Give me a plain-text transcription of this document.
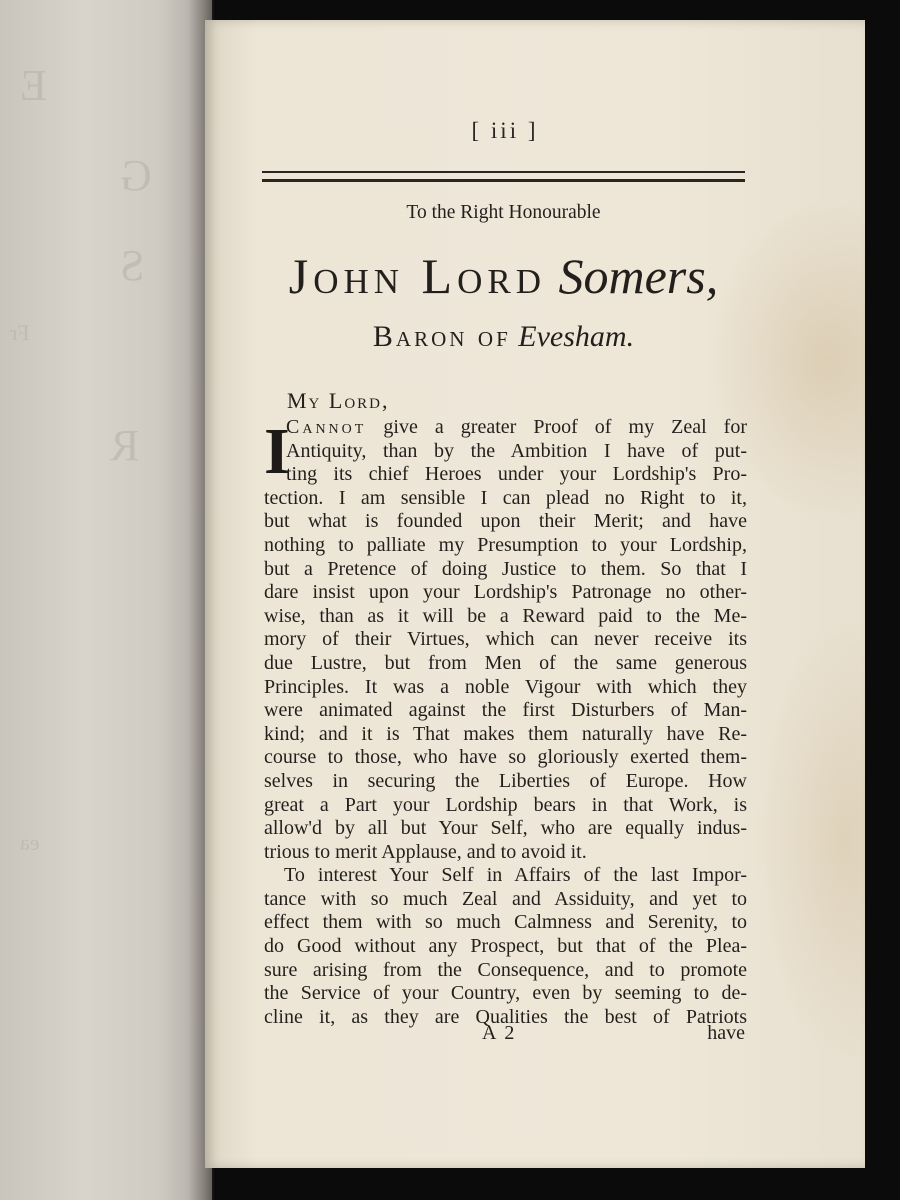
E
G
S
Fr
R
ea
[ iii ]
To the Right Honourable
John Lord Somers,
Baron of Evesham.
My Lord,
I
Cannot give a greater Proof of my Zeal for
Antiquity, than by the Ambition I have of put-
ting its chief Heroes under your Lordship's Pro-
tection. I am sensible I can plead no Right to it,
but what is founded upon their Merit; and have
nothing to palliate my Presumption to your Lordship,
but a Pretence of doing Justice to them. So that I
dare insist upon your Lordship's Patronage no other-
wise, than as it will be a Reward paid to the Me-
mory of their Virtues, which can never receive its
due Lustre, but from Men of the same generous
Principles. It was a noble Vigour with which they
were animated against the first Disturbers of Man-
kind; and it is That makes them naturally have Re-
course to those, who have so gloriously exerted them-
selves in securing the Liberties of Europe. How
great a Part your Lordship bears in that Work, is
allow'd by all but Your Self, who are equally indus-
trious to merit Applause, and to avoid it.
To interest Your Self in Affairs of the last Impor-
tance with so much Zeal and Assiduity, and yet to
effect them with so much Calmness and Serenity, to
do Good without any Prospect, but that of the Plea-
sure arising from the Consequence, and to promote
the Service of your Country, even by seeming to de-
cline it, as they are Qualities the best of Patriots
A 2	have
